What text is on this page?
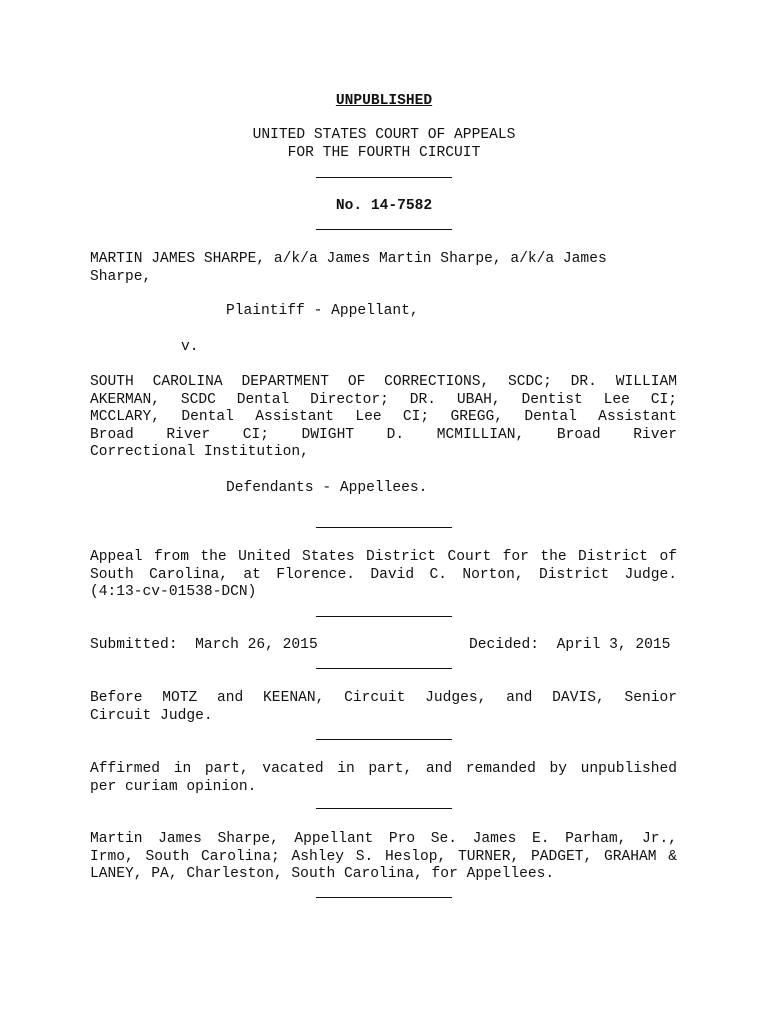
UNPUBLISHED
UNITED STATES COURT OF APPEALS
FOR THE FOURTH CIRCUIT
No. 14-7582
MARTIN JAMES SHARPE, a/k/a James Martin Sharpe, a/k/a James
Sharpe,
Plaintiff - Appellant,
v.
SOUTH CAROLINA DEPARTMENT OF CORRECTIONS, SCDC; DR. WILLIAM
AKERMAN, SCDC Dental Director; DR. UBAH, Dentist Lee CI;
MCCLARY, Dental Assistant Lee CI; GREGG, Dental Assistant
Broad River CI; DWIGHT D. MCMILLIAN, Broad River
Correctional Institution,
Defendants - Appellees.
Appeal from the United States District Court for the District of
South Carolina, at Florence. David C. Norton, District Judge.
(4:13-cv-01538-DCN)
Submitted:  March 26, 2015	Decided:  April 3, 2015
Before MOTZ and KEENAN, Circuit Judges, and DAVIS, Senior
Circuit Judge.
Affirmed in part, vacated in part, and remanded by unpublished
per curiam opinion.
Martin James Sharpe, Appellant Pro Se. James E. Parham, Jr.,
Irmo, South Carolina; Ashley S. Heslop, TURNER, PADGET, GRAHAM &
LANEY, PA, Charleston, South Carolina, for Appellees.
